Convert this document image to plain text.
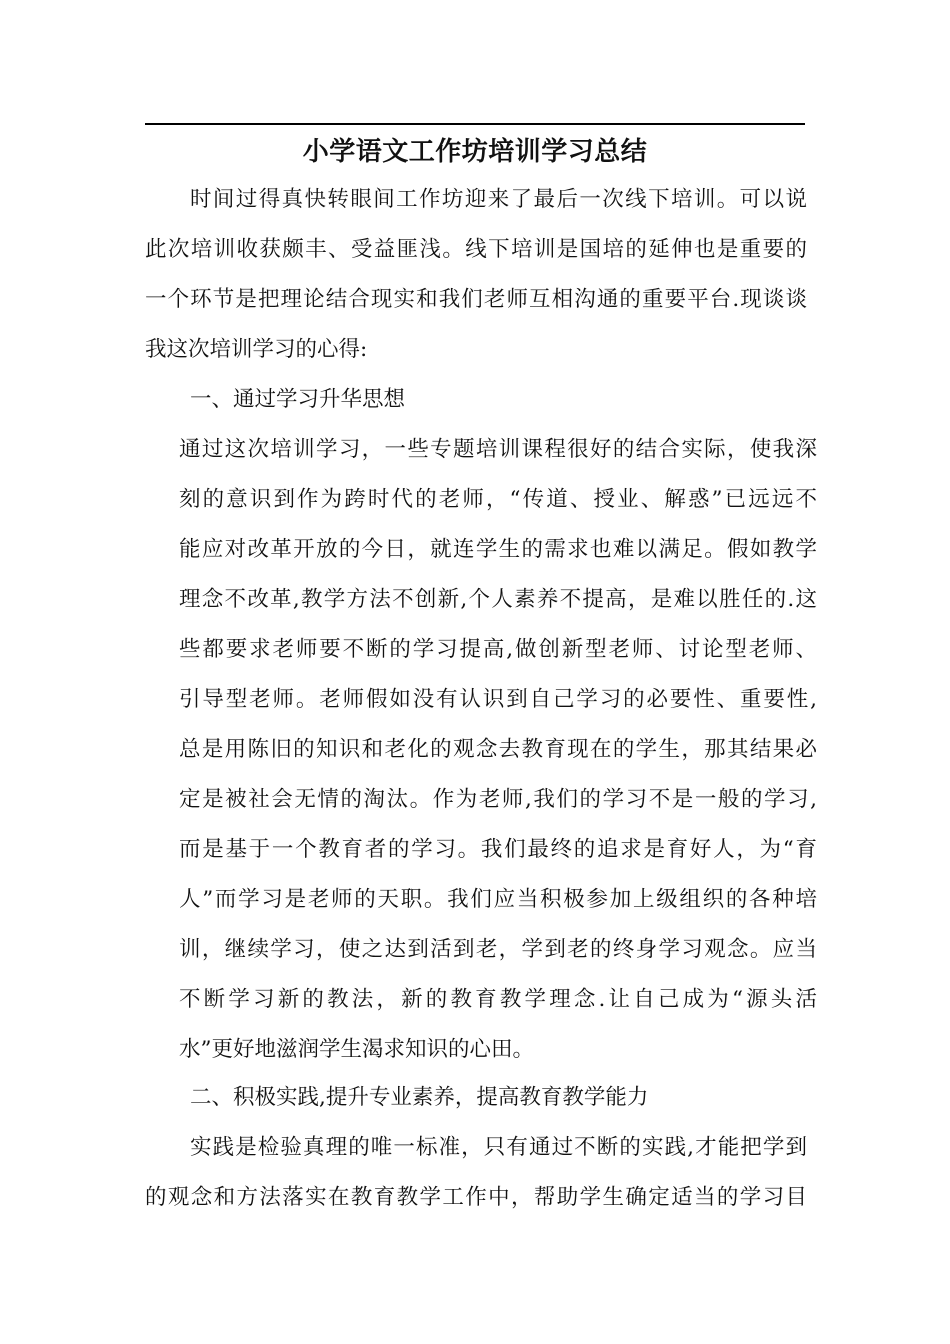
小学语文工作坊培训学习总结
时间过得真快转眼间工作坊迎来了最后一次线下培训。可以说
此次培训收获颇丰、受益匪浅。线下培训是国培的延伸也是重要的
一个环节是把理论结合现实和我们老师互相沟通的重要平台.现谈谈
我这次培训学习的心得:
一、通过学习升华思想
通过这次培训学习，一些专题培训课程很好的结合实际，使我深
刻的意识到作为跨时代的老师，“传道、授业、解惑”已远远不
能应对改革开放的今日，就连学生的需求也难以满足。假如教学
理念不改革,教学方法不创新,个人素养不提高，是难以胜任的.这
些都要求老师要不断的学习提高,做创新型老师、讨论型老师、
引导型老师。老师假如没有认识到自己学习的必要性、重要性,
总是用陈旧的知识和老化的观念去教育现在的学生，那其结果必
定是被社会无情的淘汰。作为老师,我们的学习不是一般的学习,
而是基于一个教育者的学习。我们最终的追求是育好人，为“育
人”而学习是老师的天职。我们应当积极参加上级组织的各种培
训，继续学习，使之达到活到老，学到老的终身学习观念。应当
不断学习新的教法，新的教育教学理念.让自己成为“源头活
水”更好地滋润学生渴求知识的心田。
二、积极实践,提升专业素养，提高教育教学能力
实践是检验真理的唯一标准，只有通过不断的实践,才能把学到
的观念和方法落实在教育教学工作中，帮助学生确定适当的学习目
